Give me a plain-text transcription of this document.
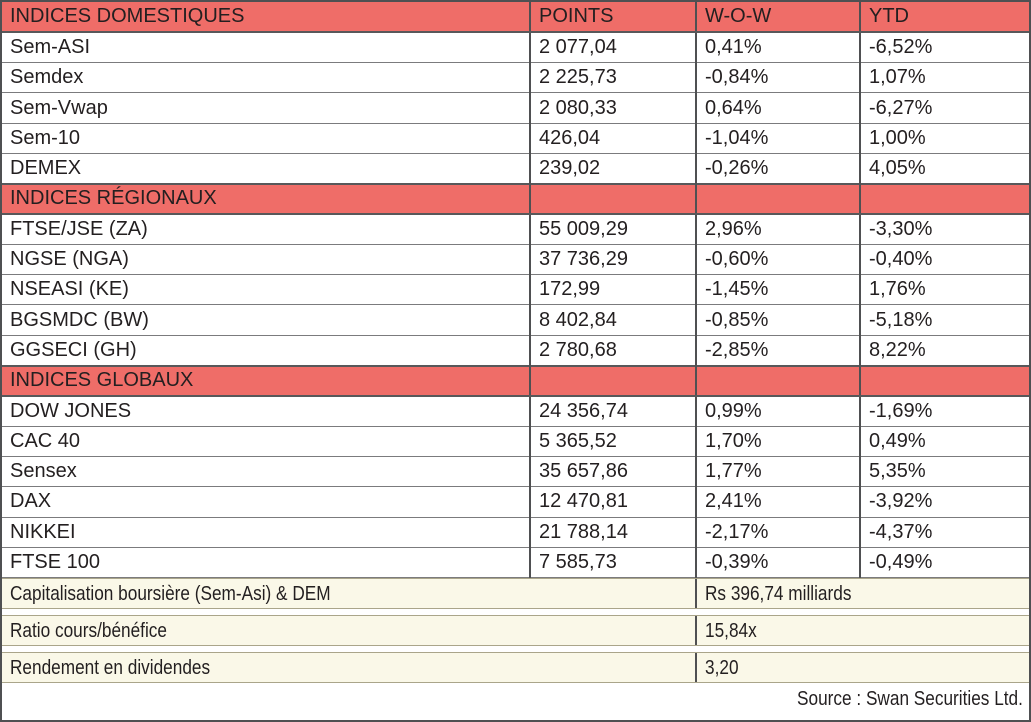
INDICES DOMESTIQUES	POINTS	W-O-W	YTD
Sem-ASI	2 077,04	0,41%	-6,52%
Semdex	2 225,73	-0,84%	1,07%
Sem-Vwap	2 080,33	0,64%	-6,27%
Sem-10	426,04	-1,04%	1,00%
DEMEX	239,02	-0,26%	4,05%
INDICES RÉGIONAUX			
FTSE/JSE (ZA)	55 009,29	2,96%	-3,30%
NGSE (NGA)	37 736,29	-0,60%	-0,40%
NSEASI (KE)	172,99	-1,45%	1,76%
BGSMDC (BW)	8 402,84	-0,85%	-5,18%
GGSECI (GH)	2 780,68	-2,85%	8,22%
INDICES GLOBAUX			
DOW JONES	24 356,74	0,99%	-1,69%
CAC 40	5 365,52	1,70%	0,49%
Sensex	35 657,86	1,77%	5,35%
DAX	12 470,81	2,41%	-3,92%
NIKKEI	21 788,14	-2,17%	-4,37%
FTSE 100	7 585,73	-0,39%	-0,49%
Capitalisation boursière (Sem-Asi) & DEM	Rs 396,74 milliards
Ratio cours/bénéfice	15,84x
Rendement en dividendes	3,20
Source : Swan Securities Ltd.
